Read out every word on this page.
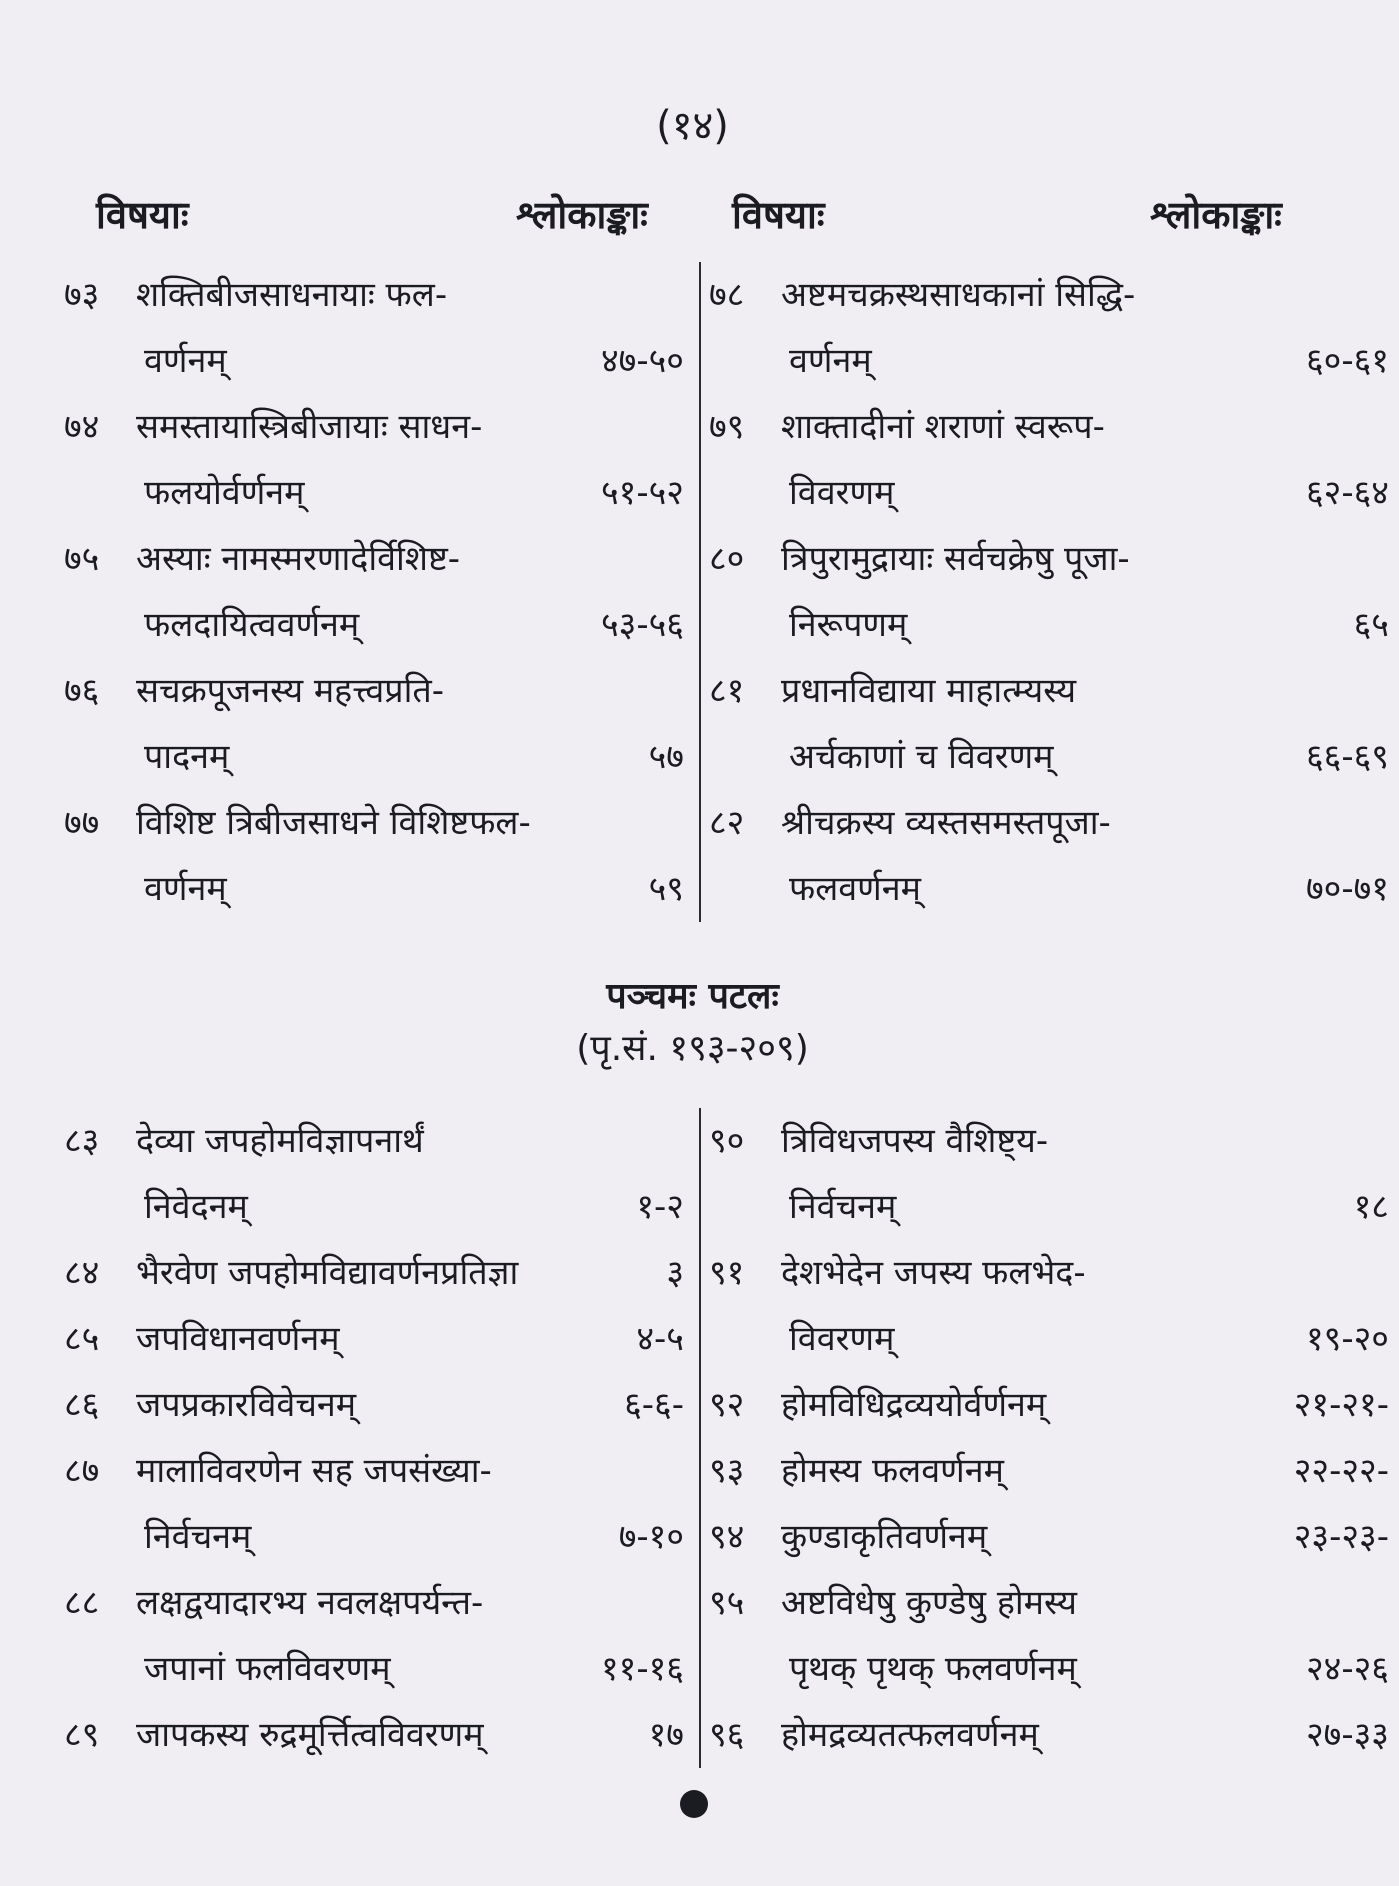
(१४)
विषयाः	श्लोकाङ्काः विषयाः	श्लोकाङ्काः
७३	शक्तिबीजसाधनायाः फल-
वर्णनम्	४७-५०
७४	समस्तायास्त्रिबीजायाः साधन-
फलयोर्वर्णनम्	५१-५२
७५	अस्याः नामस्मरणादेर्विशिष्ट-
फलदायित्ववर्णनम्	५३-५६
७६	सचक्रपूजनस्य महत्त्वप्रति-
पादनम्	५७
७७	विशिष्ट त्रिबीजसाधने विशिष्टफल-
वर्णनम्	५९
७८	अष्टमचक्रस्थसाधकानां सिद्धि-
वर्णनम्	६०-६१
७९	शाक्तादीनां शराणां स्वरूप-
विवरणम्	६२-६४
८०	त्रिपुरामुद्रायाः सर्वचक्रेषु पूजा-
निरूपणम्	६५
८१	प्रधानविद्याया माहात्म्यस्य
अर्चकाणां च विवरणम्	६६-६९
८२	श्रीचक्रस्य व्यस्तसमस्तपूजा-
फलवर्णनम्	७०-७१
पञ्चमः पटलः
(पृ.सं. १९३-२०९)
८३	देव्या जपहोमविज्ञापनार्थं
निवेदनम्	१-२
८४	भैरवेण जपहोमविद्यावर्णनप्रतिज्ञा	३
८५	जपविधानवर्णनम्	४-५
८६	जपप्रकारविवेचनम्	६-६-
८७	मालाविवरणेन सह जपसंख्या-
निर्वचनम्	७-१०
८८	लक्षद्वयादारभ्य नवलक्षपर्यन्त-
जपानां फलविवरणम्	११-१६
८९	जापकस्य रुद्रमूर्त्तित्वविवरणम्	१७
९०	त्रिविधजपस्य वैशिष्ट्य-
निर्वचनम्	१८
९१	देशभेदेन जपस्य फलभेद-
विवरणम्	१९-२०
९२	होमविधिद्रव्ययोर्वर्णनम्	२१-२१-
९३	होमस्य फलवर्णनम्	२२-२२-
९४	कुण्डाकृतिवर्णनम्	२३-२३-
९५	अष्टविधेषु कुण्डेषु होमस्य
पृथक् पृथक् फलवर्णनम्	२४-२६
९६	होमद्रव्यतत्फलवर्णनम्	२७-३३
